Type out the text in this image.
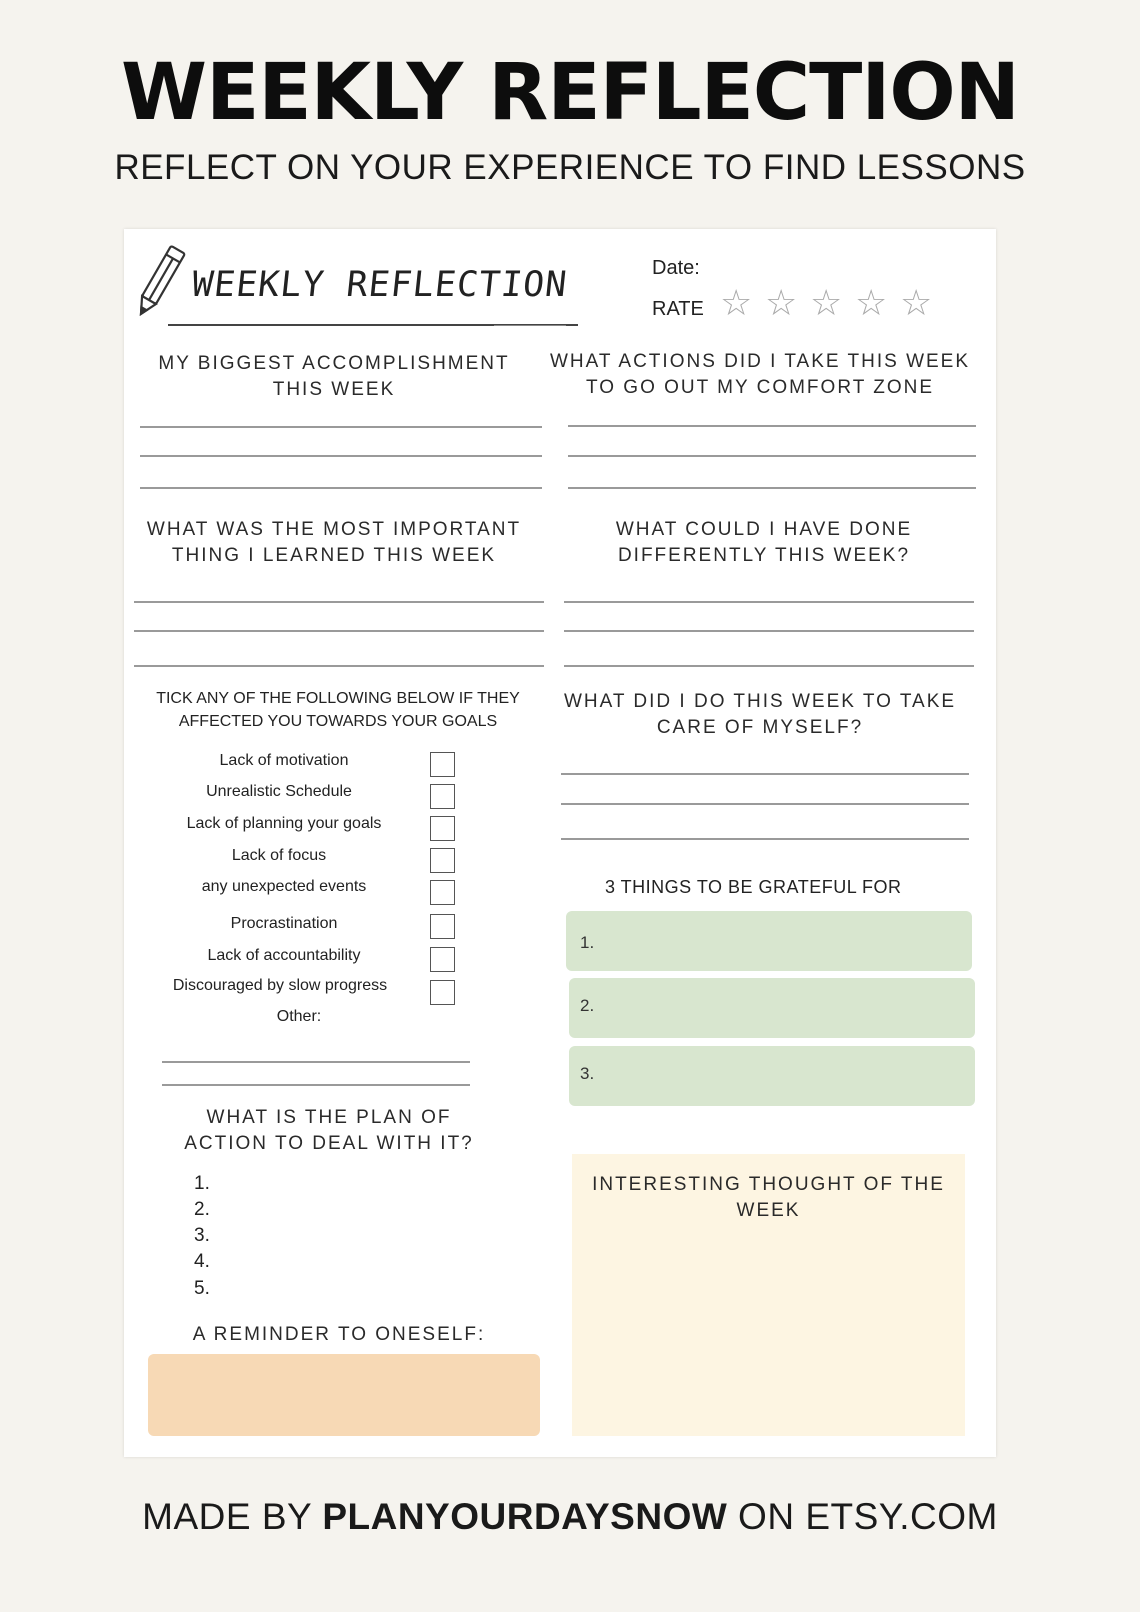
WEEKLY REFLECTION
REFLECT ON YOUR EXPERIENCE TO FIND LESSONS
WEEKLY REFLECTION	Date:
RATE ☆ ☆ ☆ ☆ ☆
MY BIGGEST ACCOMPLISHMENT THIS WEEK
WHAT ACTIONS DID I TAKE THIS WEEK TO GO OUT MY COMFORT ZONE
WHAT WAS THE MOST IMPORTANT THING I LEARNED THIS WEEK
WHAT COULD I HAVE DONE DIFFERENTLY THIS WEEK?
TICK ANY OF THE FOLLOWING BELOW IF THEY AFFECTED YOU TOWARDS YOUR GOALS
Lack of motivation
Unrealistic Schedule
Lack of planning your goals
Lack of focus
any unexpected events
Procrastination
Lack of accountability
Discouraged by slow progress
Other:
WHAT IS THE PLAN OF ACTION TO DEAL WITH IT?
1.
2.
3.
4.
5.
A REMINDER TO ONESELF:
WHAT DID I DO THIS WEEK TO TAKE CARE OF MYSELF?
3 THINGS TO BE GRATEFUL FOR
1.
2.
3.
INTERESTING THOUGHT OF THE WEEK
MADE BY PLANYOURDAYSNOW ON ETSY.COM
